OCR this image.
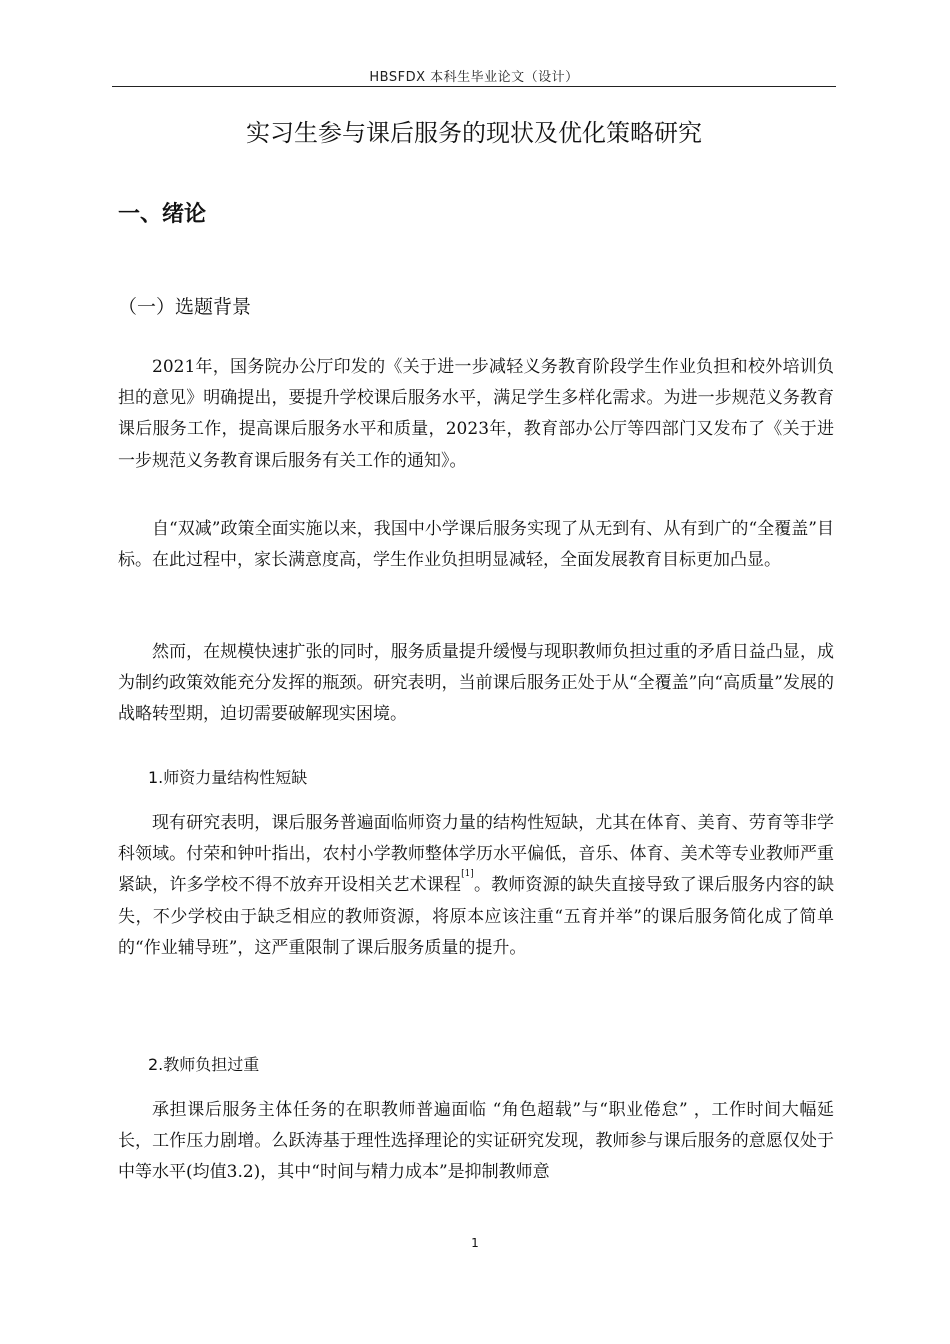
HBSFDX 本科生毕业论文（设计）
实习生参与课后服务的现状及优化策略研究
一、绪论
（一）选题背景

2021年，国务院办公厅印发的《关于进一步减轻义务教育阶段学生作业负担和校外培训负担的意见》明确提出，要提升学校课后服务水平，满足学生多样化需求。为进一步规范义务教育课后服务工作，提高课后服务水平和质量，2023年，教育部办公厅等四部门又发布了《关于进一步规范义务教育课后服务有关工作的通知》。

自“双减”政策全面实施以来，我国中小学课后服务实现了从无到有、从有到广的“全覆盖”目标。在此过程中，家长满意度高，学生作业负担明显减轻，全面发展教育目标更加凸显。

然而，在规模快速扩张的同时，服务质量提升缓慢与现职教师负担过重的矛盾日益凸显，成为制约政策效能充分发挥的瓶颈。研究表明，当前课后服务正处于从“全覆盖”向“高质量”发展的战略转型期，迫切需要破解现实困境。

1.师资力量结构性短缺

现有研究表明，课后服务普遍面临师资力量的结构性短缺，尤其在体育、美育、劳育等非学科领域。付荣和钟叶指出，农村小学教师整体学历水平偏低，音乐、体育、美术等专业教师严重紧缺，许多学校不得不放弃开设相关艺术课程[1]。教师资源的缺失直接导致了课后服务内容的缺失，不少学校由于缺乏相应的教师资源，将原本应该注重“五育并举”的课后服务简化成了简单的“作业辅导班”，这严重限制了课后服务质量的提升。

2.教师负担过重

承担课后服务主体任务的在职教师普遍面临 “角色超载”与“职业倦怠” ，工作时间大幅延长，工作压力剧增。么跃涛基于理性选择理论的实证研究发现，教师参与课后服务的意愿仅处于中等水平(均值3.2)，其中“时间与精力成本”是抑制教师意

1
